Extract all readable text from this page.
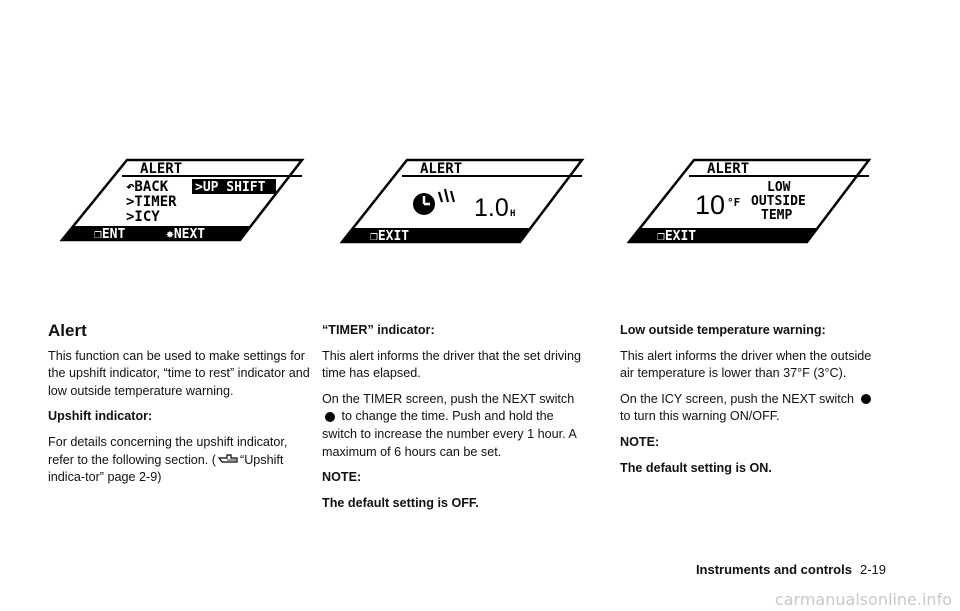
ALERT
↶BACK >UP SHIFT
>TIMER
>ICY
❐ENT	✸NEXT
ALERT
1.0 H
❐EXIT
ALERT
10 °F
LOW
OUTSIDE
TEMP
❐EXIT
Alert

This function can be used to make settings for the upshift indicator, “time to rest” indicator and low outside temperature warning.

Upshift indicator:

For details concerning the upshift indicator, refer to the following section. ( “Upshift indica-tor” page 2-9)

“TIMER” indicator:

This alert informs the driver that the set driving time has elapsed.

On the TIMER screen, push the NEXT switch  to change the time. Push and hold the switch to increase the number every 1 hour. A maximum of 6 hours can be set.

NOTE:

The default setting is OFF.

Low outside temperature warning:

This alert informs the driver when the outside air temperature is lower than 37°F (3°C).

On the ICY screen, push the NEXT switch  to turn this warning ON/OFF.

NOTE:

The default setting is ON.

Instruments and controls 2-19
carmanualsonline.info
